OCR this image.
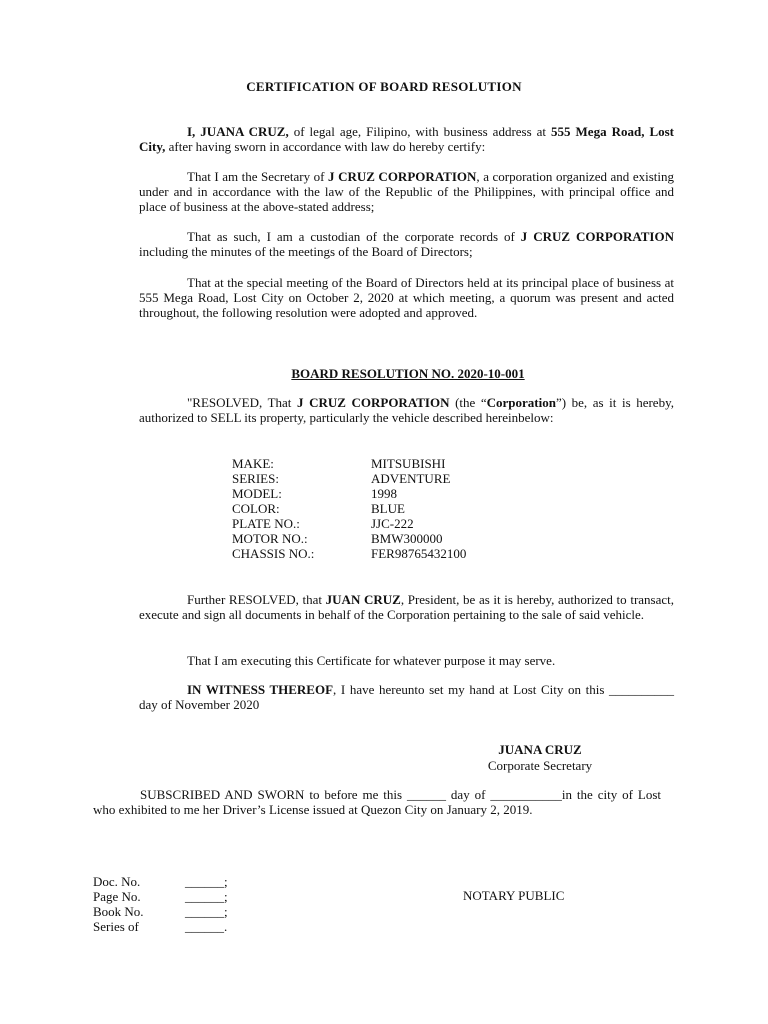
CERTIFICATION OF BOARD RESOLUTION
I, JUANA CRUZ, of legal age, Filipino, with business address at 555 Mega Road, Lost City, after having sworn in accordance with law do hereby certify:
That I am the Secretary of J CRUZ CORPORATION, a corporation organized and existing under and in accordance with the law of the Republic of the Philippines, with principal office and place of business at the above-stated address;
That as such, I am a custodian of the corporate records of J CRUZ CORPORATION including the minutes of the meetings of the Board of Directors;
That at the special meeting of the Board of Directors held at its principal place of business at 555 Mega Road, Lost City on October 2, 2020 at which meeting, a quorum was present and acted throughout, the following resolution were adopted and approved.
BOARD RESOLUTION NO. 2020-10-001
"RESOLVED, That J CRUZ CORPORATION (the “Corporation”) be, as it is hereby, authorized to SELL its property, particularly the vehicle described hereinbelow:
MAKE:	MITSUBISHI
SERIES:	ADVENTURE
MODEL:	1998
COLOR:	BLUE
PLATE NO.:	JJC-222
MOTOR NO.:	BMW300000
CHASSIS NO.:	FER98765432100
Further RESOLVED, that JUAN CRUZ, President, be as it is hereby, authorized to transact, execute and sign all documents in behalf of the Corporation pertaining to the sale of said vehicle.
That I am executing this Certificate for whatever purpose it may serve.
IN WITNESS THEREOF, I have hereunto set my hand at Lost City on this __________ day of November 2020
JUANA CRUZ
Corporate Secretary
SUBSCRIBED AND SWORN to before me this ______ day of ___________in the city of Lost who exhibited to me her Driver’s License issued at Quezon City on January 2, 2019.
Doc. No.	______;
Page No.	______;
Book No.	______;
Series of	______.
NOTARY PUBLIC
